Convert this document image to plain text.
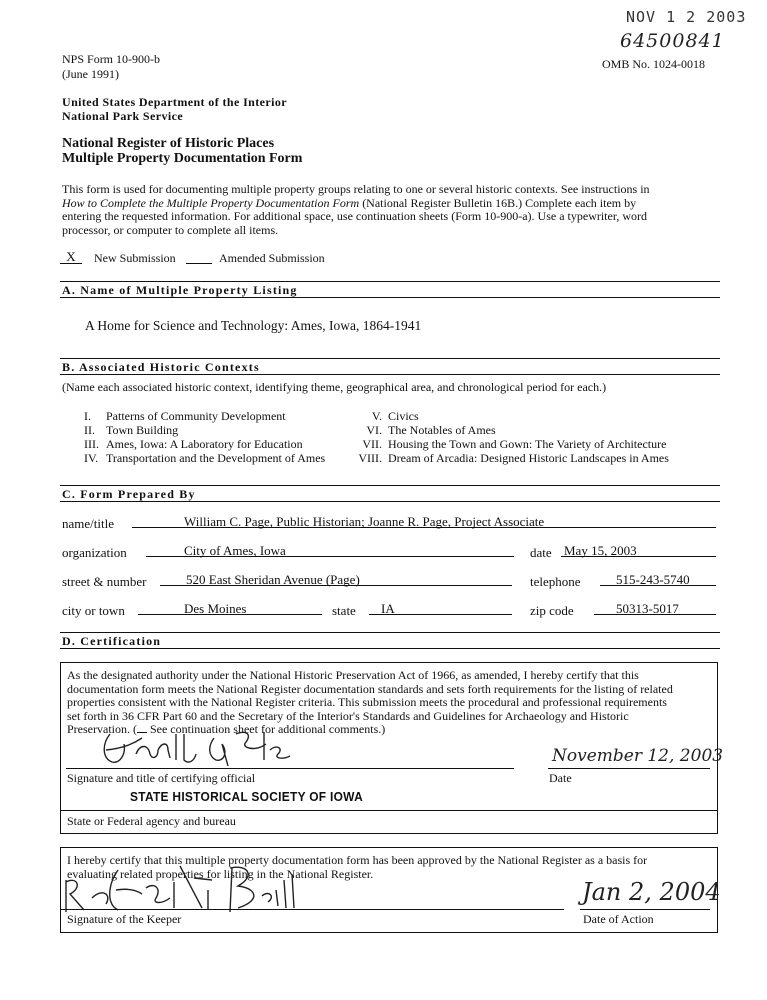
NOV 1 2 2003
64500841
NPS Form 10-900-b
(June 1991)
OMB No. 1024-0018
United States Department of the Interior
National Park Service
National Register of Historic Places
Multiple Property Documentation Form
This form is used for documenting multiple property groups relating to one or several historic contexts. See instructions in
How to Complete the Multiple Property Documentation Form (National Register Bulletin 16B.) Complete each item by
entering the requested information. For additional space, use continuation sheets (Form 10-900-a). Use a typewriter, word
processor, or computer to complete all items.
X	New Submission	Amended Submission
A. Name of Multiple Property Listing
A Home for Science and Technology: Ames, Iowa, 1864-1941
B. Associated Historic Contexts
(Name each associated historic context, identifying theme, geographical area, and chronological period for each.)
I. Patterns of Community Development
II. Town Building
III. Ames, Iowa: A Laboratory for Education
IV. Transportation and the Development of Ames
V. Civics
VI. The Notables of Ames
VII. Housing the Town and Gown: The Variety of Architecture
VIII. Dream of Arcadia: Designed Historic Landscapes in Ames
C. Form Prepared By
name/title	William C. Page, Public Historian; Joanne R. Page, Project Associate
organization	City of Ames, Iowa	date May 15, 2003
street & number	520 East Sheridan Avenue (Page)	telephone	515-243-5740
city or town	Des Moines	state	IA	zip code	50313-5017
D. Certification
As the designated authority under the National Historic Preservation Act of 1966, as amended, I hereby certify that this
documentation form meets the National Register documentation standards and sets forth requirements for the listing of related
properties consistent with the National Register criteria. This submission meets the procedural and professional requirements
set forth in 36 CFR Part 60 and the Secretary of the Interior's Standards and Guidelines for Archaeology and Historic
Preservation. ( See continuation sheet for additional comments.)
Signature and title of certifying official
November 12, 2003
Date
STATE HISTORICAL SOCIETY OF IOWA
State or Federal agency and bureau
I hereby certify that this multiple property documentation form has been approved by the National Register as a basis for
evaluating related properties for listing in the National Register.
Signature of the Keeper
Jan 2, 2004
Date of Action
